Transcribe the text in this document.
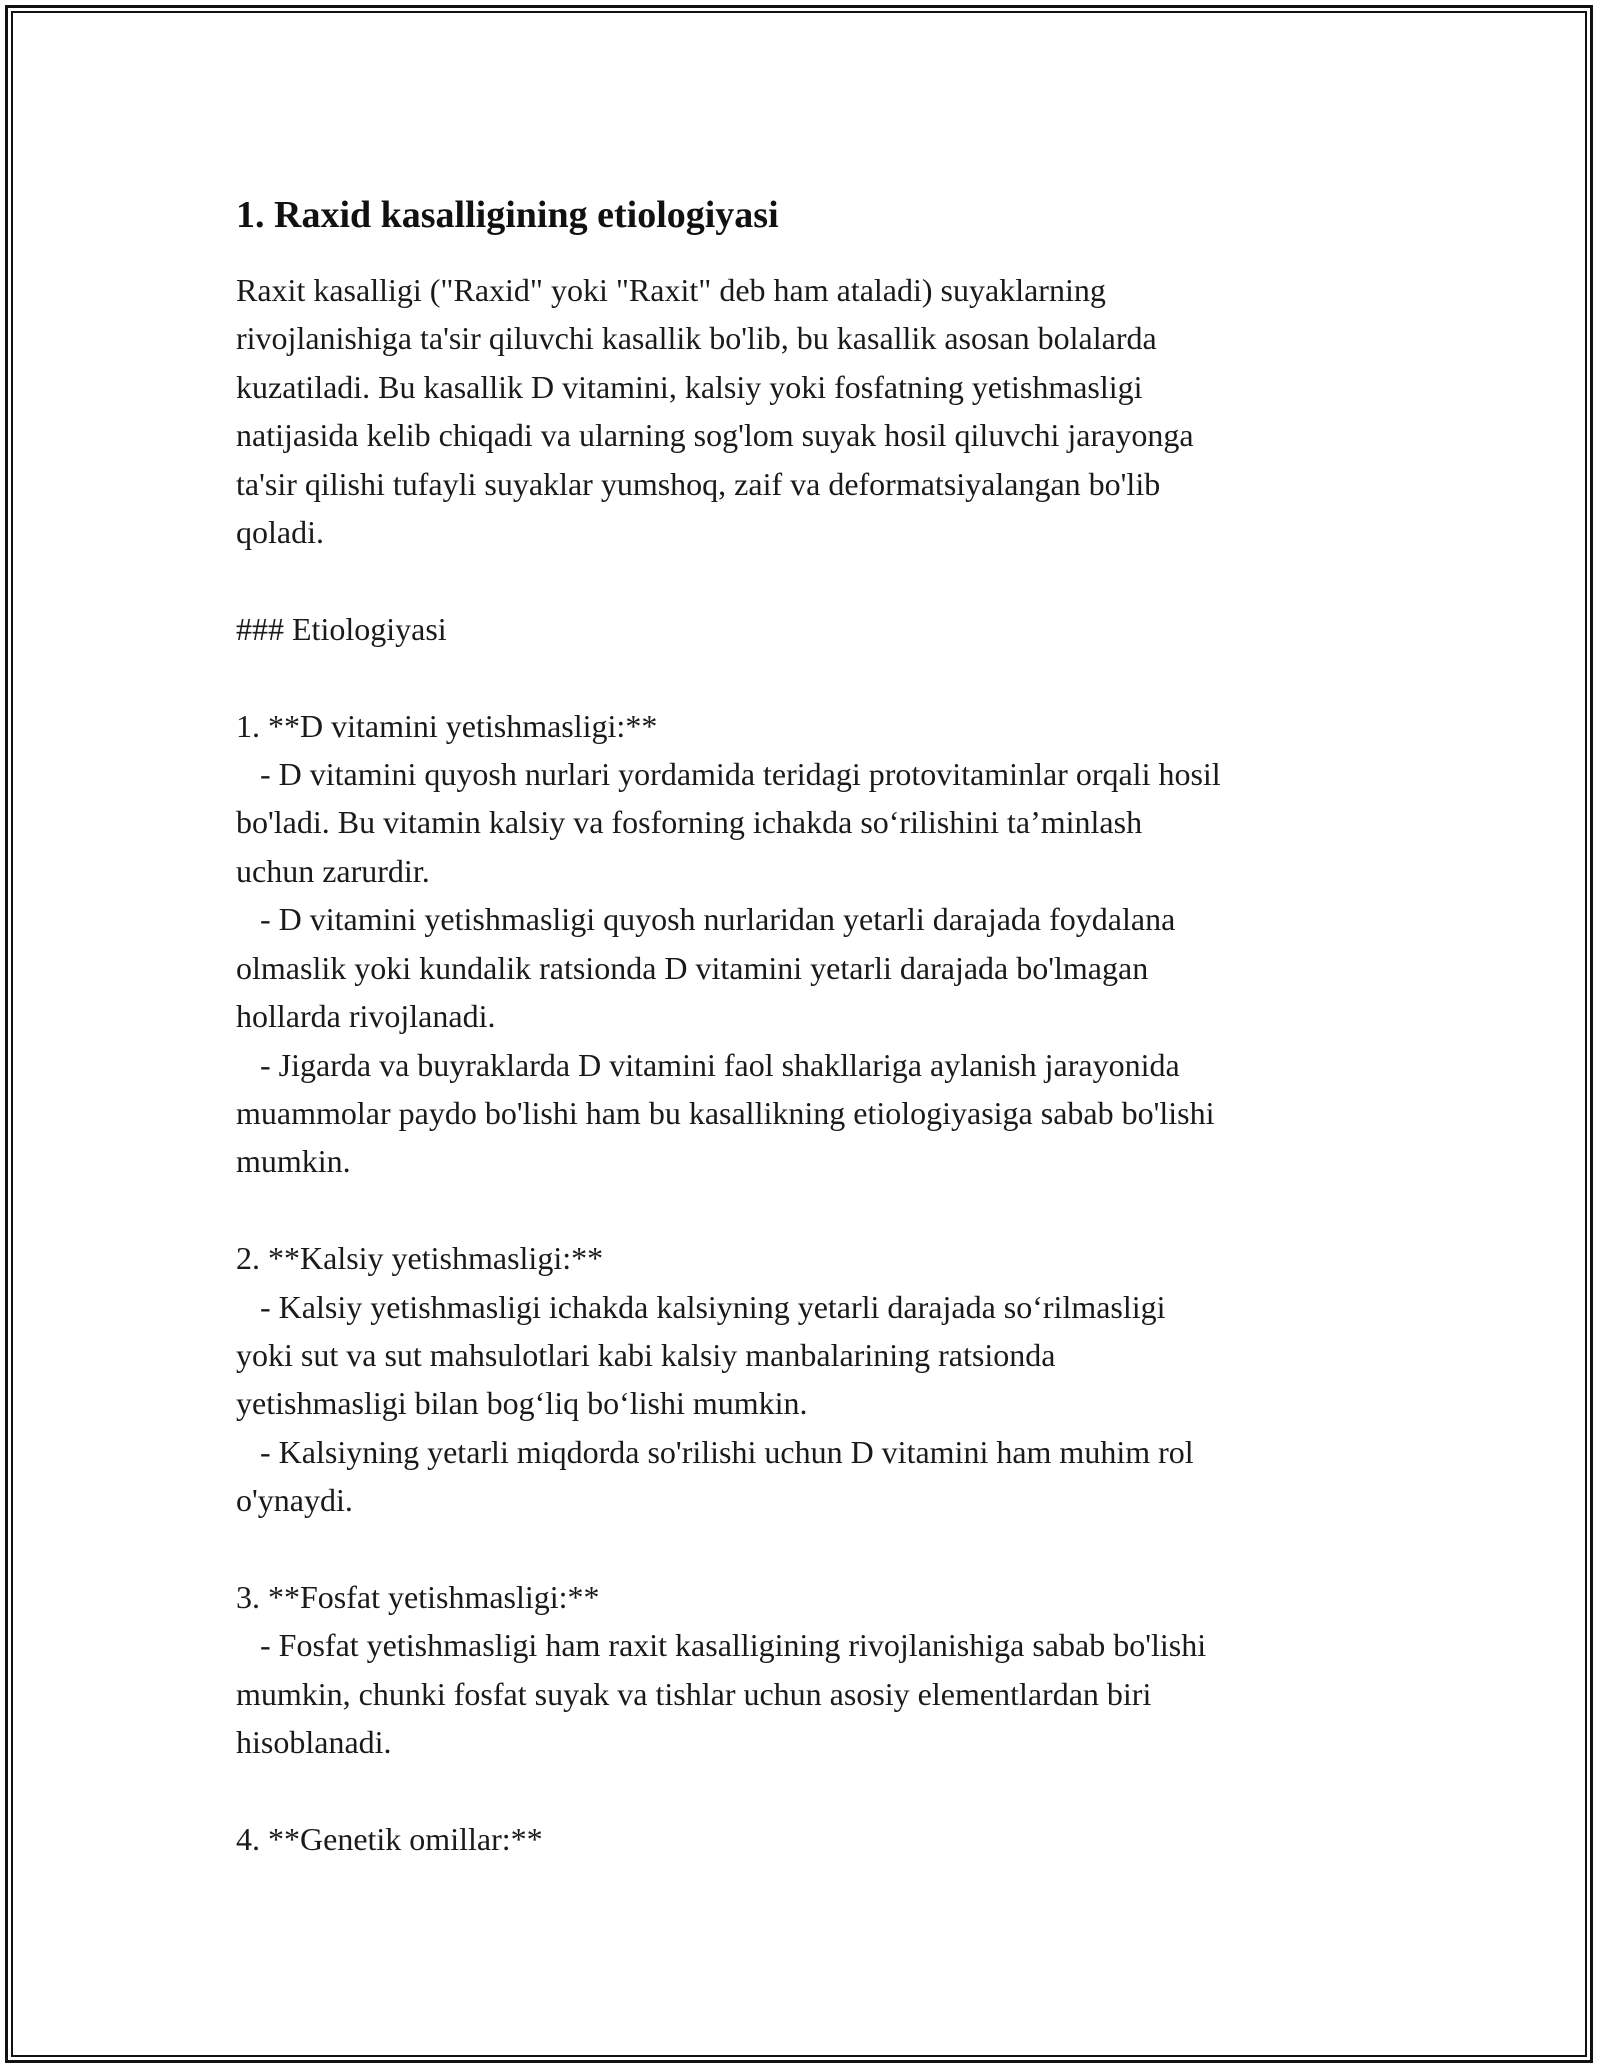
1. Raxid kasalligining etiologiyasi

Raxit kasalligi ("Raxid" yoki "Raxit" deb ham ataladi) suyaklarning
rivojlanishiga ta'sir qiluvchi kasallik bo'lib, bu kasallik asosan bolalarda
kuzatiladi. Bu kasallik D vitamini, kalsiy yoki fosfatning yetishmasligi
natijasida kelib chiqadi va ularning sog'lom suyak hosil qiluvchi jarayonga
ta'sir qilishi tufayli suyaklar yumshoq, zaif va deformatsiyalangan bo'lib
qoladi.

### Etiologiyasi

1. **D vitamini yetishmasligi:**
- D vitamini quyosh nurlari yordamida teridagi protovitaminlar orqali hosil
bo'ladi. Bu vitamin kalsiy va fosforning ichakda so‘rilishini ta’minlash
uchun zarurdir.
- D vitamini yetishmasligi quyosh nurlaridan yetarli darajada foydalana
olmaslik yoki kundalik ratsionda D vitamini yetarli darajada bo'lmagan
hollarda rivojlanadi.
- Jigarda va buyraklarda D vitamini faol shakllariga aylanish jarayonida
muammolar paydo bo'lishi ham bu kasallikning etiologiyasiga sabab bo'lishi
mumkin.

2. **Kalsiy yetishmasligi:**
- Kalsiy yetishmasligi ichakda kalsiyning yetarli darajada so‘rilmasligi
yoki sut va sut mahsulotlari kabi kalsiy manbalarining ratsionda
yetishmasligi bilan bog‘liq bo‘lishi mumkin.
- Kalsiyning yetarli miqdorda so'rilishi uchun D vitamini ham muhim rol
o'ynaydi.

3. **Fosfat yetishmasligi:**
- Fosfat yetishmasligi ham raxit kasalligining rivojlanishiga sabab bo'lishi
mumkin, chunki fosfat suyak va tishlar uchun asosiy elementlardan biri
hisoblanadi.

4. **Genetik omillar:**
